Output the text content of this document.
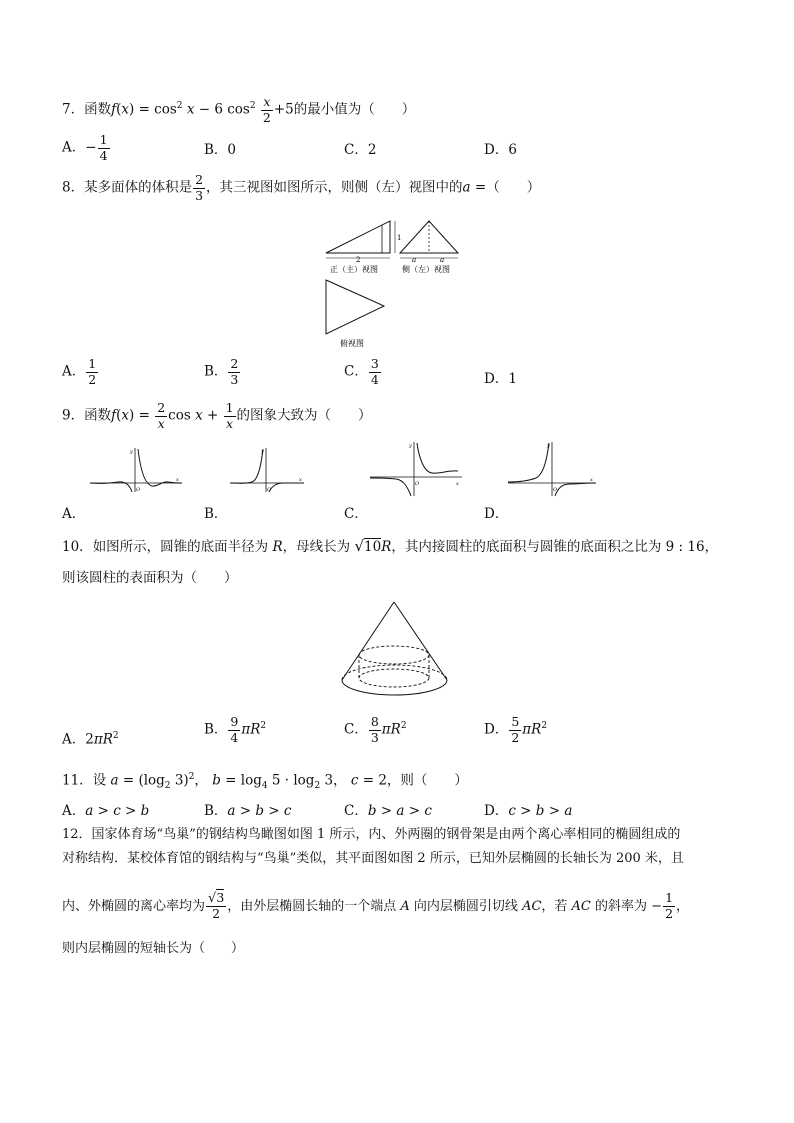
7．函数$f(x) = \cos^2 x - 6$ $\cos^2 \frac{x}{2} +5$的最小值为（　　）
A．− $\frac{1}{4}$	B．0	C．2	D．6
8．某多面体的体积是 $\frac{2}{3}$ ，其三视图如图所示，则侧（左）视图中的a =（　　）
2
1
正（主）视图
a	a
侧（左）视图
俯视图
A． $\frac{1}{2}$	B． $\frac{2}{3}$	C． $\frac{3}{4}$	D．1
9．函数$f(x) = \frac{2}{x}$ $\cos x + \frac{1}{x}$ 的图象大致为（　　）
O
x
y
O
x
y
O	x
y
O
x
y
A．	B．	C．	D．
10．如图所示，圆锥的底面半径为 R，母线长为 √10R，其内接圆柱的底面积与圆锥的底面积之比为 9 : 16，
则该圆柱的表面积为（　　）
A．$2\pi R^2$	B． $\frac{9}{4} \pi R^2$	C． $\frac{8}{3} \pi R^2$	D． $\frac{5}{2} \pi R^2$
11．设 $a = (\log_2$ 3)$^2$， $b = \log_4 5 \cdot \log_2 3$， c = 2，则（　　）
A．a > c > b	B．a > b > c	C．b > a > c	D．c > b > a
12．国家体育场“鸟巢”的钢结构鸟瞰图如图 1 所示，内、外两圈的钢骨架是由两个离心率相同的椭圆组成的
对称结构．某校体育馆的钢结构与“鸟巢”类似，其平面图如图 2 所示，已知外层椭圆的长轴长为 200 米，且
内、外椭圆的离心率均为 $\frac{√3}{2}$ ，由外层椭圆长轴的一个端点 A 向内层椭圆引切线 AC，若 AC 的斜率为 − $\frac{1}{2}$ ，
则内层椭圆的短轴长为（　　）
